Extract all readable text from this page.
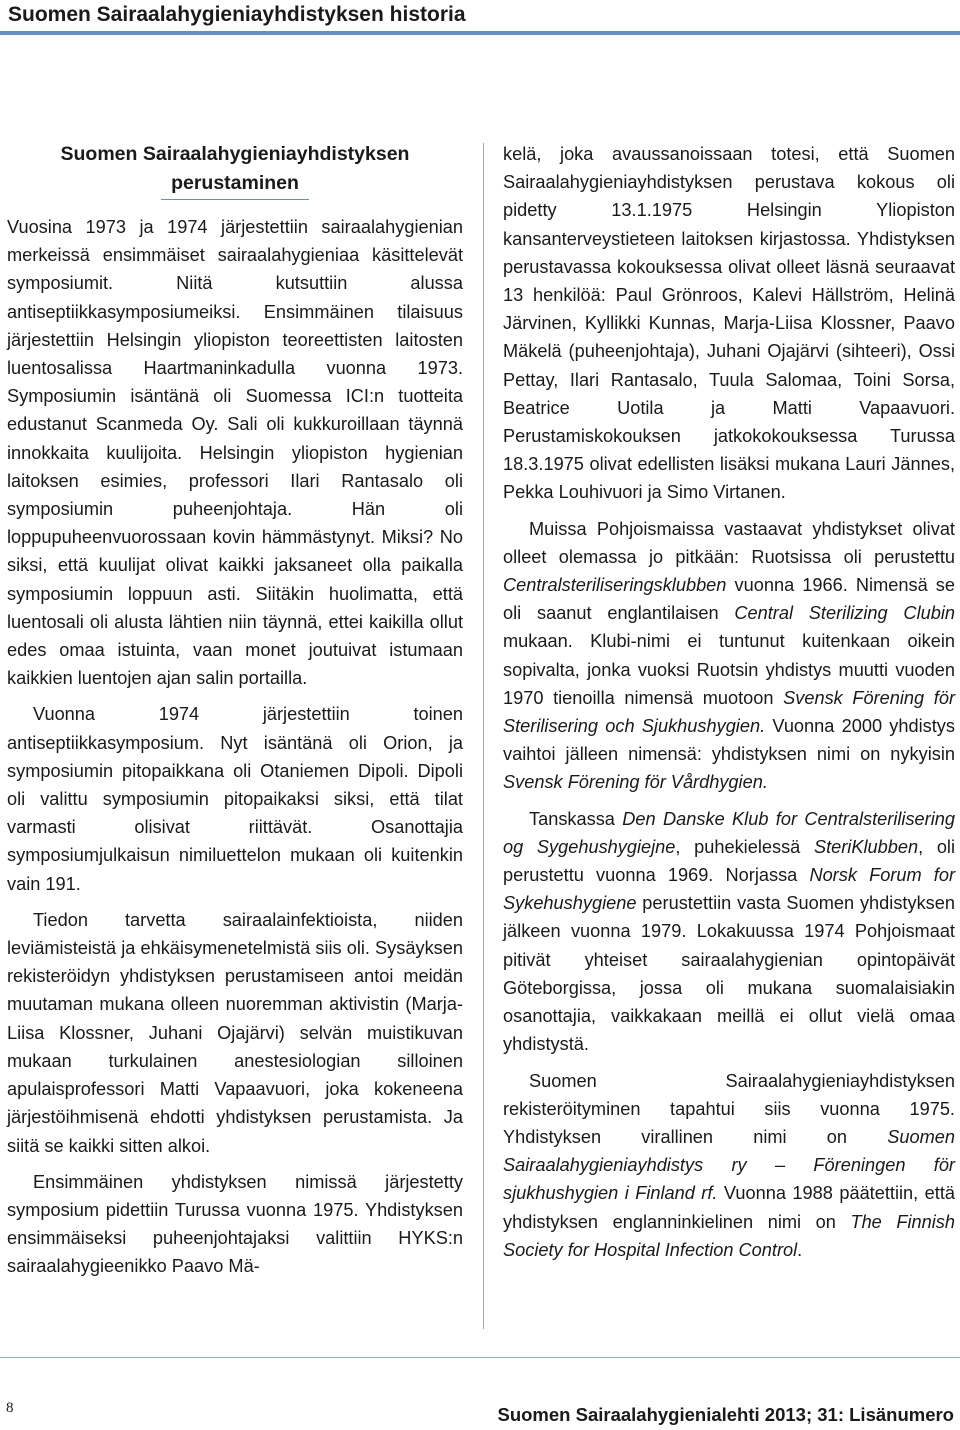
Suomen Sairaalahygieniayhdistyksen historia
Suomen Sairaalahygieniayhdistyksen
perustaminen

Vuosina 1973 ja 1974 järjestettiin sairaalahygienian merkeissä ensimmäiset sairaalahygieniaa käsittelevät symposiumit. Niitä kutsuttiin alussa antiseptiikkasymposiumeiksi. Ensimmäinen tilaisuus järjestettiin Helsingin yliopiston teoreettisten laitosten luentosalissa Haartmaninkadulla vuonna 1973. Symposiumin isäntänä oli Suomessa ICI:n tuotteita edustanut Scanmeda Oy. Sali oli kukkuroillaan täynnä innokkaita kuulijoita. Helsingin yliopiston hygienian laitoksen esimies, professori Ilari Rantasalo oli symposiumin puheenjohtaja. Hän oli loppupuheenvuorossaan kovin hämmästynyt. Miksi? No siksi, että kuulijat olivat kaikki jaksaneet olla paikalla symposiumin loppuun asti. Siitäkin huolimatta, että luentosali oli alusta lähtien niin täynnä, ettei kaikilla ollut edes omaa istuinta, vaan monet joutuivat istumaan kaikkien luentojen ajan salin portailla.

Vuonna 1974 järjestettiin toinen antiseptiikkasymposium. Nyt isäntänä oli Orion, ja symposiumin pitopaikkana oli Otaniemen Dipoli. Dipoli oli valittu symposiumin pitopaikaksi siksi, että tilat varmasti olisivat riittävät. Osanottajia symposiumjulkaisun nimiluettelon mukaan oli kuitenkin vain 191.

Tiedon tarvetta sairaalainfektioista, niiden leviämisteistä ja ehkäisymenetelmistä siis oli. Sysäyksen rekisteröidyn yhdistyksen perustamiseen antoi meidän muutaman mukana olleen nuoremman aktivistin (Marja-Liisa Klossner, Juhani Ojajärvi) selvän muistikuvan mukaan turkulainen anestesiologian silloinen apulaisprofessori Matti Vapaavuori, joka kokeneena järjestöihmisenä ehdotti yhdistyksen perustamista. Ja siitä se kaikki sitten alkoi.

Ensimmäinen yhdistyksen nimissä järjestetty symposium pidettiin Turussa vuonna 1975. Yhdistyksen ensimmäiseksi puheenjohtajaksi valittiin HYKS:n sairaalahygieenikko Paavo Mä-

kelä, joka avaussanoissaan totesi, että Suomen Sairaalahygieniayhdistyksen perustava kokous oli pidetty 13.1.1975 Helsingin Yliopiston kansanterveystieteen laitoksen kirjastossa. Yhdistyksen perustavassa kokouksessa olivat olleet läsnä seuraavat 13 henkilöä: Paul Grönroos, Kalevi Hällström, Helinä Järvinen, Kyllikki Kunnas, Marja-Liisa Klossner, Paavo Mäkelä (puheenjohtaja), Juhani Ojajärvi (sihteeri), Ossi Pettay, Ilari Rantasalo, Tuula Salomaa, Toini Sorsa, Beatrice Uotila ja Matti Vapaavuori. Perustamiskokouksen jatkokokouksessa Turussa 18.3.1975 olivat edellisten lisäksi mukana Lauri Jännes, Pekka Louhivuori ja Simo Virtanen.

Muissa Pohjoismaissa vastaavat yhdistykset olivat olleet olemassa jo pitkään: Ruotsissa oli perustettu Centralsteriliseringsklubben vuonna 1966. Nimensä se oli saanut englantilaisen Central Sterilizing Clubin mukaan. Klubi-nimi ei tuntunut kuitenkaan oikein sopivalta, jonka vuoksi Ruotsin yhdistys muutti vuoden 1970 tienoilla nimensä muotoon Svensk Förening för Sterilisering och Sjukhushygien. Vuonna 2000 yhdistys vaihtoi jälleen nimensä: yhdistyksen nimi on nykyisin Svensk Förening för Vårdhygien.

Tanskassa Den Danske Klub for Centralsterilisering og Sygehushygiejne, puhekielessä SteriKlubben, oli perustettu vuonna 1969. Norjassa Norsk Forum for Sykehushygiene perustettiin vasta Suomen yhdistyksen jälkeen vuonna 1979. Lokakuussa 1974 Pohjoismaat pitivät yhteiset sairaalahygienian opintopäivät Göteborgissa, jossa oli mukana suomalaisiakin osanottajia, vaikkakaan meillä ei ollut vielä omaa yhdistystä.

Suomen Sairaalahygieniayhdistyksen rekisteröityminen tapahtui siis vuonna 1975. Yhdistyksen virallinen nimi on Suomen Sairaalahygieniayhdistys ry – Föreningen för sjukhushygien i Finland rf. Vuonna 1988 päätettiin, että yhdistyksen englanninkielinen nimi on The Finnish Society for Hospital Infection Control.

8	Suomen Sairaalahygienialehti 2013; 31: Lisänumero
